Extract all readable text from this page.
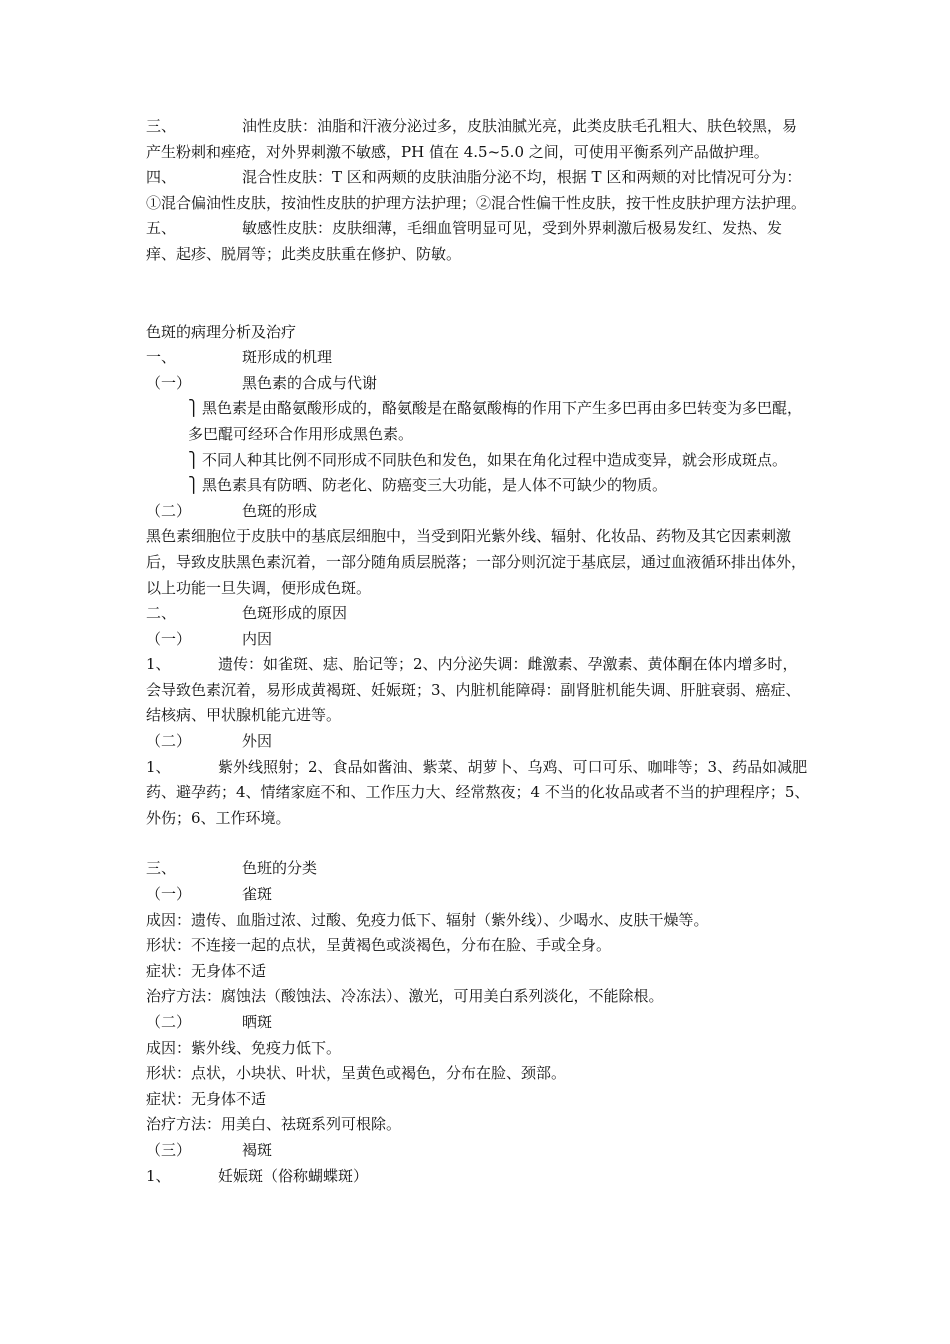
三、	油性皮肤：油脂和汗液分泌过多，皮肤油腻光亮，此类皮肤毛孔粗大、肤色较黑，易产生粉刺和痤疮，对外界刺激不敏感，PH 值在 4.5~5.0 之间，可使用平衡系列产品做护理。

四、	混合性皮肤：T 区和两颊的皮肤油脂分泌不均，根据 T 区和两颊的对比情况可分为：①混合偏油性皮肤，按油性皮肤的护理方法护理；②混合性偏干性皮肤，按干性皮肤护理方法护理。

五、	敏感性皮肤：皮肤细薄，毛细血管明显可见，受到外界刺激后极易发红、发热、发痒、起疹、脱屑等；此类皮肤重在修护、防敏。

色斑的病理分析及治疗

一、	斑形成的机理

（一）	黑色素的合成与代谢

⎫ 黑色素是由酪氨酸形成的，酪氨酸是在酪氨酸梅的作用下产生多巴再由多巴转变为多巴醌，多巴醌可经环合作用形成黑色素。

⎫ 不同人种其比例不同形成不同肤色和发色，如果在角化过程中造成变异，就会形成斑点。

⎫ 黑色素具有防晒、防老化、防癌变三大功能，是人体不可缺少的物质。

（二）	色斑的形成

黑色素细胞位于皮肤中的基底层细胞中，当受到阳光紫外线、辐射、化妆品、药物及其它因素刺激后，导致皮肤黑色素沉着，一部分随角质层脱落；一部分则沉淀于基底层，通过血液循环排出体外，以上功能一旦失调，便形成色斑。

二、	色斑形成的原因

（一）	内因

1、	遗传：如雀斑、痣、胎记等；2、内分泌失调：雌激素、孕激素、黄体酮在体内增多时，会导致色素沉着，易形成黄褐斑、妊娠斑；3、内脏机能障碍：副肾脏机能失调、肝脏衰弱、癌症、结核病、甲状腺机能亢进等。

（二）	外因

1、	紫外线照射；2、食品如酱油、紫菜、胡萝卜、乌鸡、可口可乐、咖啡等；3、药品如减肥药、避孕药；4、情绪家庭不和、工作压力大、经常熬夜；4 不当的化妆品或者不当的护理程序；5、外伤；6、工作环境。

三、	色班的分类

（一）	雀斑

成因：遗传、血脂过浓、过酸、免疫力低下、辐射（紫外线）、少喝水、皮肤干燥等。

形状：不连接一起的点状，呈黄褐色或淡褐色，分布在脸、手或全身。

症状：无身体不适

治疗方法：腐蚀法（酸蚀法、冷冻法）、激光，可用美白系列淡化，不能除根。

（二）	晒斑

成因：紫外线、免疫力低下。

形状：点状，小块状、叶状，呈黄色或褐色，分布在脸、颈部。

症状：无身体不适

治疗方法：用美白、祛斑系列可根除。

（三）	褐斑

1、	妊娠斑（俗称蝴蝶斑）
